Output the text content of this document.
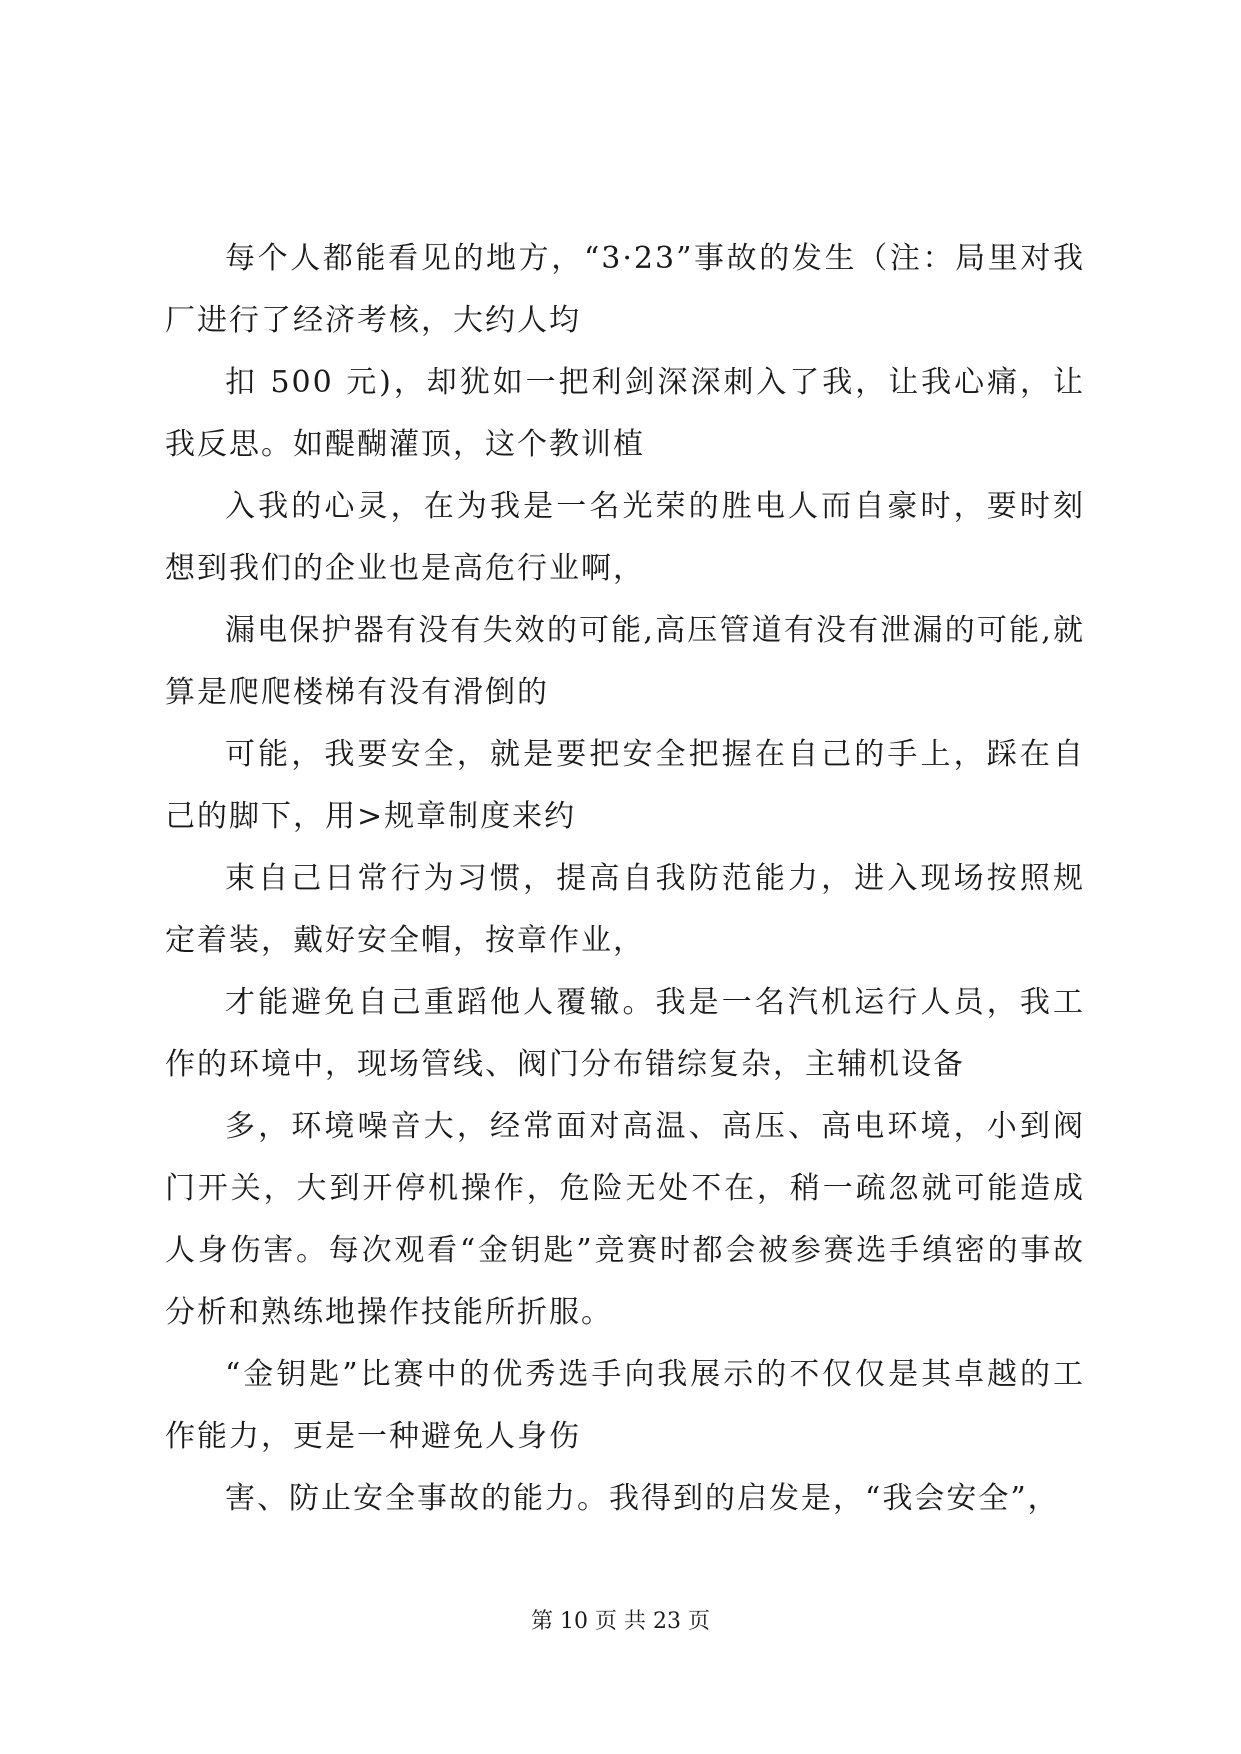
每个人都能看见的地方，“3·23”事故的发生（注：局里对我厂进行了经济考核，大约人均

扣 500 元)，却犹如一把利剑深深刺入了我，让我心痛，让我反思。如醍醐灌顶，这个教训植

入我的心灵，在为我是一名光荣的胜电人而自豪时，要时刻想到我们的企业也是高危行业啊，

漏电保护器有没有失效的可能,高压管道有没有泄漏的可能,就算是爬爬楼梯有没有滑倒的

可能，我要安全，就是要把安全把握在自己的手上，踩在自己的脚下，用>规章制度来约

束自己日常行为习惯，提高自我防范能力，进入现场按照规定着装，戴好安全帽，按章作业，

才能避免自己重蹈他人覆辙。我是一名汽机运行人员，我工作的环境中，现场管线、阀门分布错综复杂，主辅机设备

多，环境噪音大，经常面对高温、高压、高电环境，小到阀门开关，大到开停机操作，危险无处不在，稍一疏忽就可能造成人身伤害。每次观看“金钥匙”竞赛时都会被参赛选手缜密的事故分析和熟练地操作技能所折服。

“金钥匙”比赛中的优秀选手向我展示的不仅仅是其卓越的工作能力，更是一种避免人身伤

害、防止安全事故的能力。我得到的启发是，“我会安全”，

第 10 页 共 23 页
